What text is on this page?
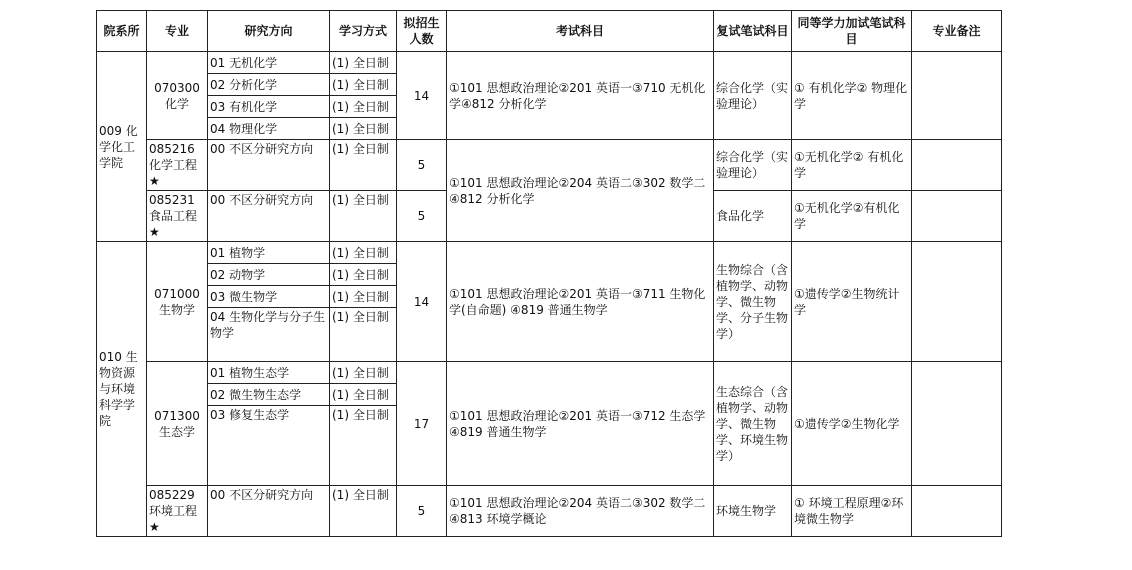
院系所	专业	研究方向	学习方式	拟招生人数	考试科目	复试笔试科目	同等学力加试笔试科目	专业备注
009 化学化工学院	070300 化学	01 无机化学	(1) 全日制	14	①101 思想政治理论②201 英语一③710 无机化学④812 分析化学	综合化学（实验理论）	① 有机化学② 物理化学	
		02 分析化学	(1) 全日制					
		03 有机化学	(1) 全日制					
		04 物理化学	(1) 全日制					
	085216 化学工程★	00 不区分研究方向	(1) 全日制	5	①101 思想政治理论②204 英语二③302 数学二④812 分析化学	综合化学（实验理论）	①无机化学② 有机化学	

	085231 食品工程★	00 不区分研究方向	(1) 全日制	5		食品化学	①无机化学②有机化学	

010 生物资源与环境科学学院	071000 生物学	01 植物学	(1) 全日制	14	①101 思想政治理论②201 英语一③711 生物化学(自命题) ④819 普通生物学	生物综合（含植物学、动物学、微生物学、分子生物学）	①遗传学②生物统计学	
		02 动物学	(1) 全日制					
		03 微生物学	(1) 全日制					
		04 生物化学与分子生物学	(1) 全日制					
	071300 生态学	01 植物生态学	(1) 全日制	17	①101 思想政治理论②201 英语一③712 生态学④819 普通生物学	生态综合（含植物学、动物学、微生物学、环境生物学）	①遗传学②生物化学	
		02 微生物生态学	(1) 全日制					
		03 修复生态学	(1) 全日制					
	085229 环境工程★	00 不区分研究方向	(1) 全日制	5	①101 思想政治理论②204 英语二③302 数学二④813 环境学概论	环境生物学	① 环境工程原理②环境微生物学	
